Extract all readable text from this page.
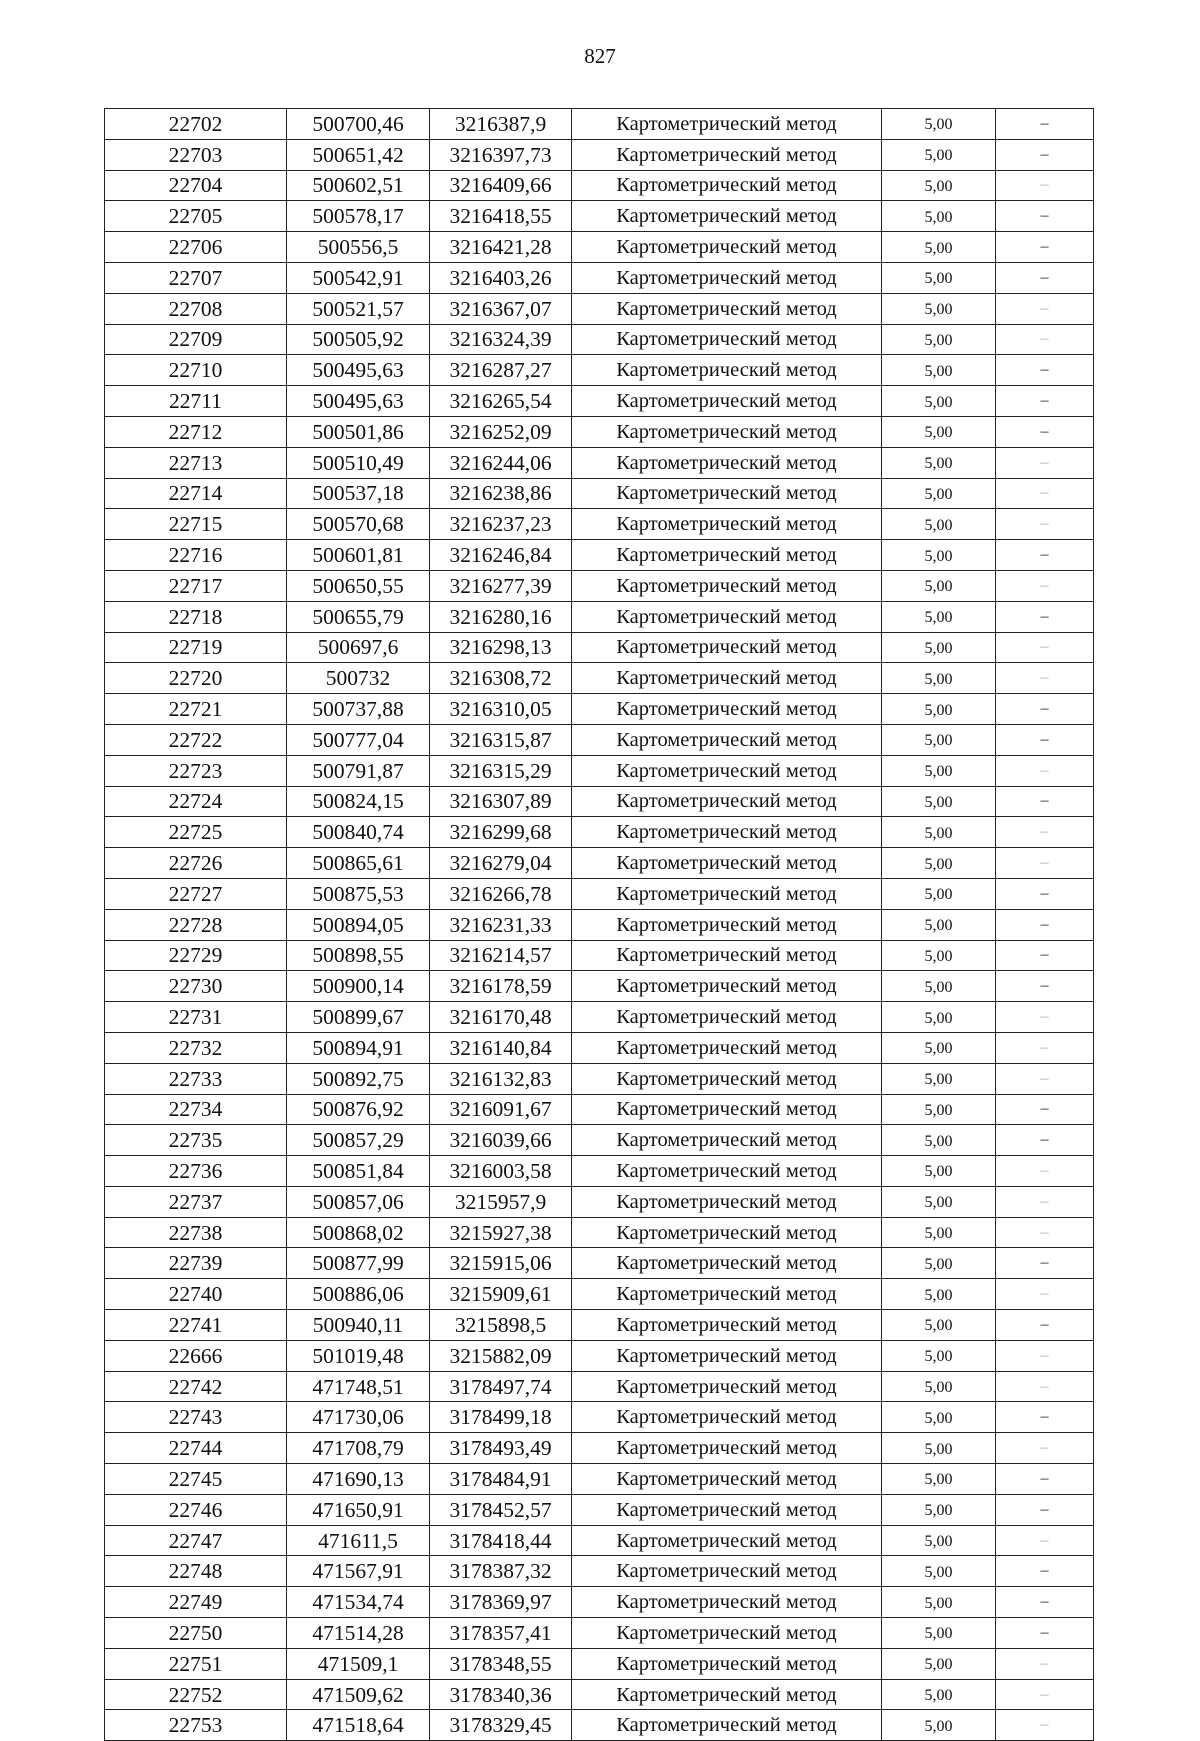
827
22702	500700,46	3216387,9	Картометрический метод	5,00	–
22703	500651,42	3216397,73	Картометрический метод	5,00	–
22704	500602,51	3216409,66	Картометрический метод	5,00	–
22705	500578,17	3216418,55	Картометрический метод	5,00	–
22706	500556,5	3216421,28	Картометрический метод	5,00	–
22707	500542,91	3216403,26	Картометрический метод	5,00	–
22708	500521,57	3216367,07	Картометрический метод	5,00	–
22709	500505,92	3216324,39	Картометрический метод	5,00	–
22710	500495,63	3216287,27	Картометрический метод	5,00	–
22711	500495,63	3216265,54	Картометрический метод	5,00	–
22712	500501,86	3216252,09	Картометрический метод	5,00	–
22713	500510,49	3216244,06	Картометрический метод	5,00	–
22714	500537,18	3216238,86	Картометрический метод	5,00	–
22715	500570,68	3216237,23	Картометрический метод	5,00	–
22716	500601,81	3216246,84	Картометрический метод	5,00	–
22717	500650,55	3216277,39	Картометрический метод	5,00	–
22718	500655,79	3216280,16	Картометрический метод	5,00	–
22719	500697,6	3216298,13	Картометрический метод	5,00	–
22720	500732	3216308,72	Картометрический метод	5,00	–
22721	500737,88	3216310,05	Картометрический метод	5,00	–
22722	500777,04	3216315,87	Картометрический метод	5,00	–
22723	500791,87	3216315,29	Картометрический метод	5,00	–
22724	500824,15	3216307,89	Картометрический метод	5,00	–
22725	500840,74	3216299,68	Картометрический метод	5,00	–
22726	500865,61	3216279,04	Картометрический метод	5,00	–
22727	500875,53	3216266,78	Картометрический метод	5,00	–
22728	500894,05	3216231,33	Картометрический метод	5,00	–
22729	500898,55	3216214,57	Картометрический метод	5,00	–
22730	500900,14	3216178,59	Картометрический метод	5,00	–
22731	500899,67	3216170,48	Картометрический метод	5,00	–
22732	500894,91	3216140,84	Картометрический метод	5,00	–
22733	500892,75	3216132,83	Картометрический метод	5,00	–
22734	500876,92	3216091,67	Картометрический метод	5,00	–
22735	500857,29	3216039,66	Картометрический метод	5,00	–
22736	500851,84	3216003,58	Картометрический метод	5,00	–
22737	500857,06	3215957,9	Картометрический метод	5,00	–
22738	500868,02	3215927,38	Картометрический метод	5,00	–
22739	500877,99	3215915,06	Картометрический метод	5,00	–
22740	500886,06	3215909,61	Картометрический метод	5,00	–
22741	500940,11	3215898,5	Картометрический метод	5,00	–
22666	501019,48	3215882,09	Картометрический метод	5,00	–
22742	471748,51	3178497,74	Картометрический метод	5,00	–
22743	471730,06	3178499,18	Картометрический метод	5,00	–
22744	471708,79	3178493,49	Картометрический метод	5,00	–
22745	471690,13	3178484,91	Картометрический метод	5,00	–
22746	471650,91	3178452,57	Картометрический метод	5,00	–
22747	471611,5	3178418,44	Картометрический метод	5,00	–
22748	471567,91	3178387,32	Картометрический метод	5,00	–
22749	471534,74	3178369,97	Картометрический метод	5,00	–
22750	471514,28	3178357,41	Картометрический метод	5,00	–
22751	471509,1	3178348,55	Картометрический метод	5,00	–
22752	471509,62	3178340,36	Картометрический метод	5,00	–
22753	471518,64	3178329,45	Картометрический метод	5,00	–
